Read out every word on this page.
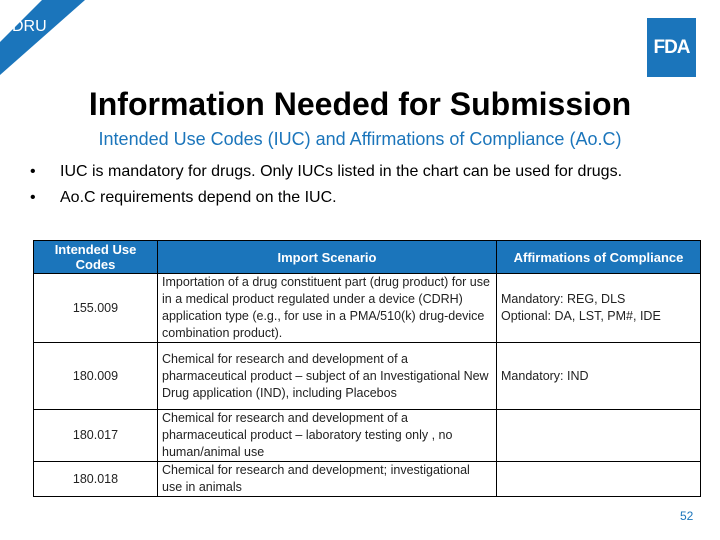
DRU
FDA
Information Needed for Submission
Intended Use Codes (IUC) and Affirmations of Compliance (Ao.C)
•	IUC is mandatory for drugs. Only IUCs listed in the chart can be used for drugs.
•	Ao.C requirements depend on the IUC.
Intended Use Codes	Import Scenario	Affirmations of Compliance
155.009	Importation of a drug constituent part (drug product) for use in a medical product regulated under a device (CDRH) application type (e.g., for use in a PMA/510(k) drug-device combination product).	Mandatory: REG, DLS
Optional: DA, LST, PM#, IDE

180.009	Chemical for research and development of a pharmaceutical product – subject of an Investigational New Drug application (IND), including Placebos	Mandatory: IND

180.017	Chemical for research and development of a pharmaceutical product – laboratory testing only , no human/animal use	
180.018	Chemical for research and development; investigational use in animals	
52
